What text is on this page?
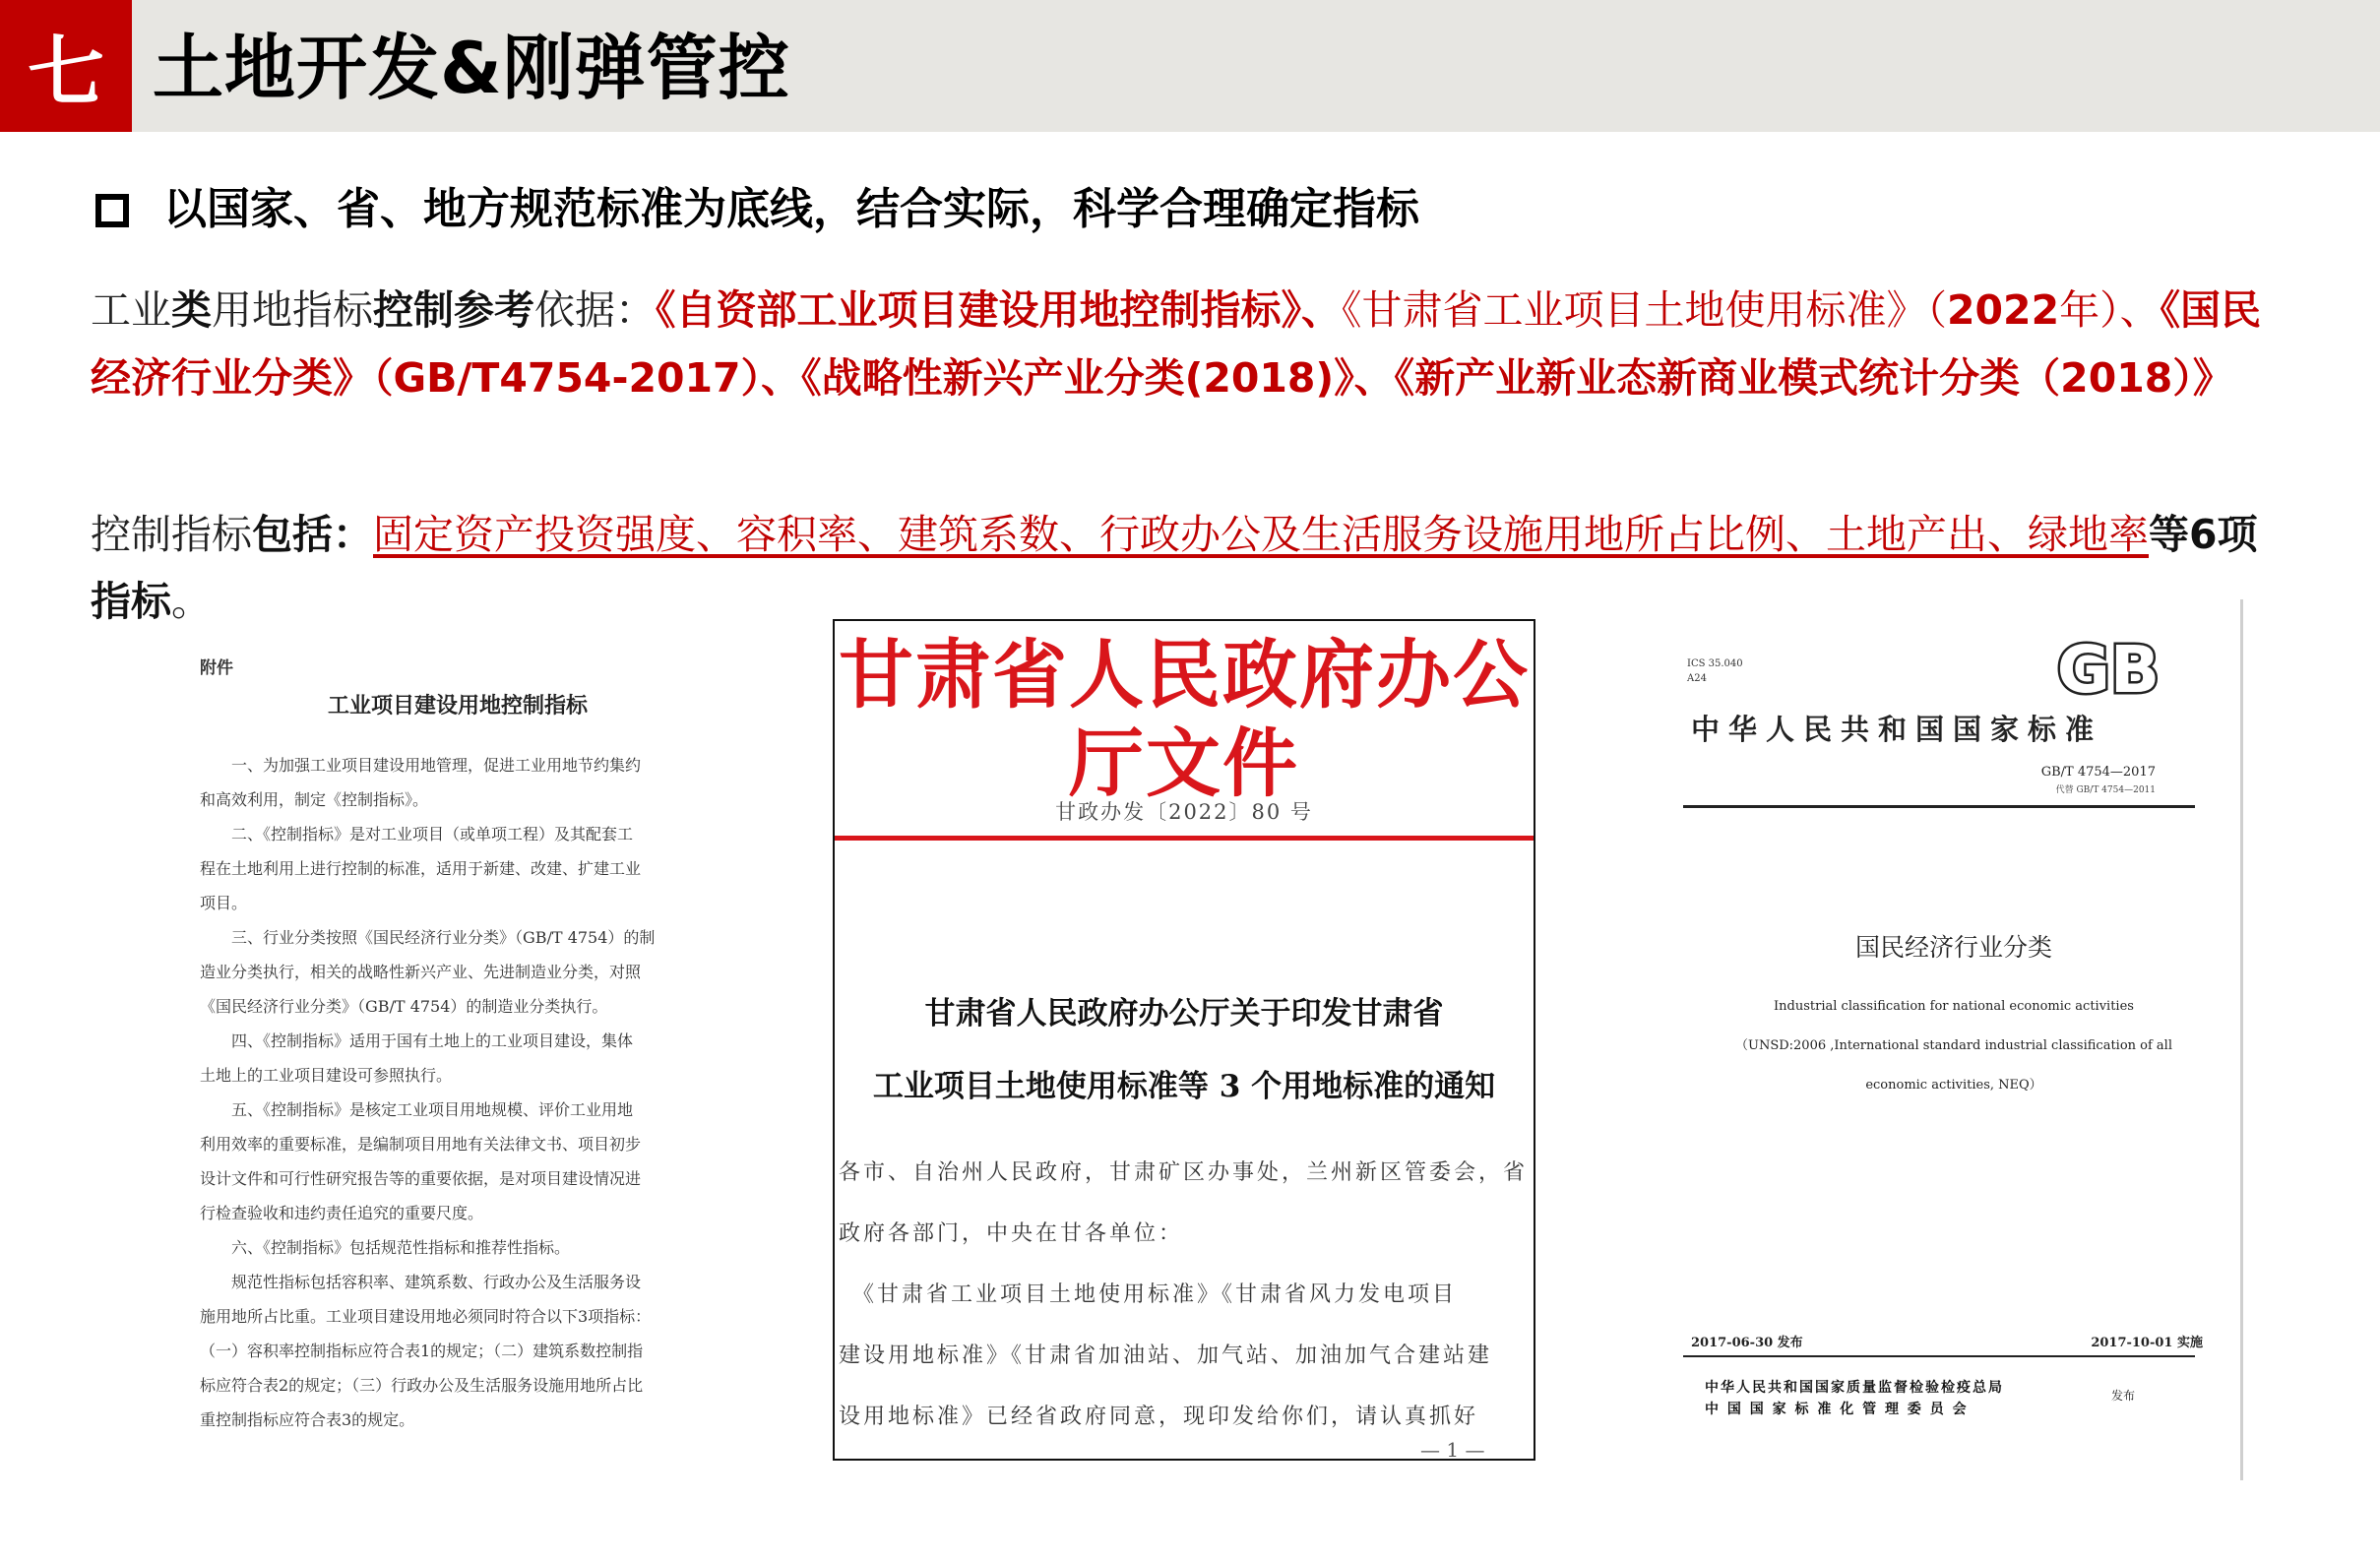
七 土地开发&刚弹管控
以国家、省、地方规范标准为底线，结合实际，科学合理确定指标
工业类用地指标控制参考依据：《自资部工业项目建设用地控制指标》、《甘肃省工业项目土地使用标准》（2022年）、《国民经济行业分类》（GB/T4754-2017）、《战略性新兴产业分类(2018)》、《新产业新业态新商业模式统计分类（2018）》
控制指标包括：固定资产投资强度、容积率、建筑系数、行政办公及生活服务设施用地所占比例、土地产出、绿地率等6项指标。
附件
工业项目建设用地控制指标

一、为加强工业项目建设用地管理，促进工业用地节约集约

和高效利用，制定《控制指标》。

二、《控制指标》是对工业项目（或单项工程）及其配套工

程在土地利用上进行控制的标准，适用于新建、改建、扩建工业

项目。

三、行业分类按照《国民经济行业分类》（GB/T 4754）的制

造业分类执行，相关的战略性新兴产业、先进制造业分类，对照

《国民经济行业分类》（GB/T 4754）的制造业分类执行。

四、《控制指标》适用于国有土地上的工业项目建设，集体

土地上的工业项目建设可参照执行。

五、《控制指标》是核定工业项目用地规模、评价工业用地

利用效率的重要标准，是编制项目用地有关法律文书、项目初步

设计文件和可行性研究报告等的重要依据，是对项目建设情况进

行检查验收和违约责任追究的重要尺度。

六、《控制指标》包括规范性指标和推荐性指标。

规范性指标包括容积率、建筑系数、行政办公及生活服务设

施用地所占比重。工业项目建设用地必须同时符合以下3项指标：

（一）容积率控制指标应符合表1的规定；（二）建筑系数控制指

标应符合表2的规定；（三）行政办公及生活服务设施用地所占比

重控制指标应符合表3的规定。

甘肃省人民政府办公厅文件
甘政办发〔2022〕80 号
甘肃省人民政府办公厅关于印发甘肃省
工业项目土地使用标准等 3 个用地标准的通知

各市、自治州人民政府，甘肃矿区办事处，兰州新区管委会，省

政府各部门，中央在甘各单位：

　《甘肃省工业项目土地使用标准》《甘肃省风力发电项目

建设用地标准》《甘肃省加油站、加气站、加油加气合建站建

设用地标准》已经省政府同意，现印发给你们，请认真抓好

— 1 —
ICS 35.040
A24	GB
中华人民共和国国家标准
GB/T 4754—2017
代替 GB/T 4754—2011
国民经济行业分类
Industrial classification for national economic activities
（UNSD:2006 ,International standard industrial classification of all
economic activities, NEQ）
2017-06-30 发布	2017-10-01 实施
中华人民共和国国家质量监督检验检疫总局
中 国 国 家 标 准 化 管 理 委 员 会
发布
